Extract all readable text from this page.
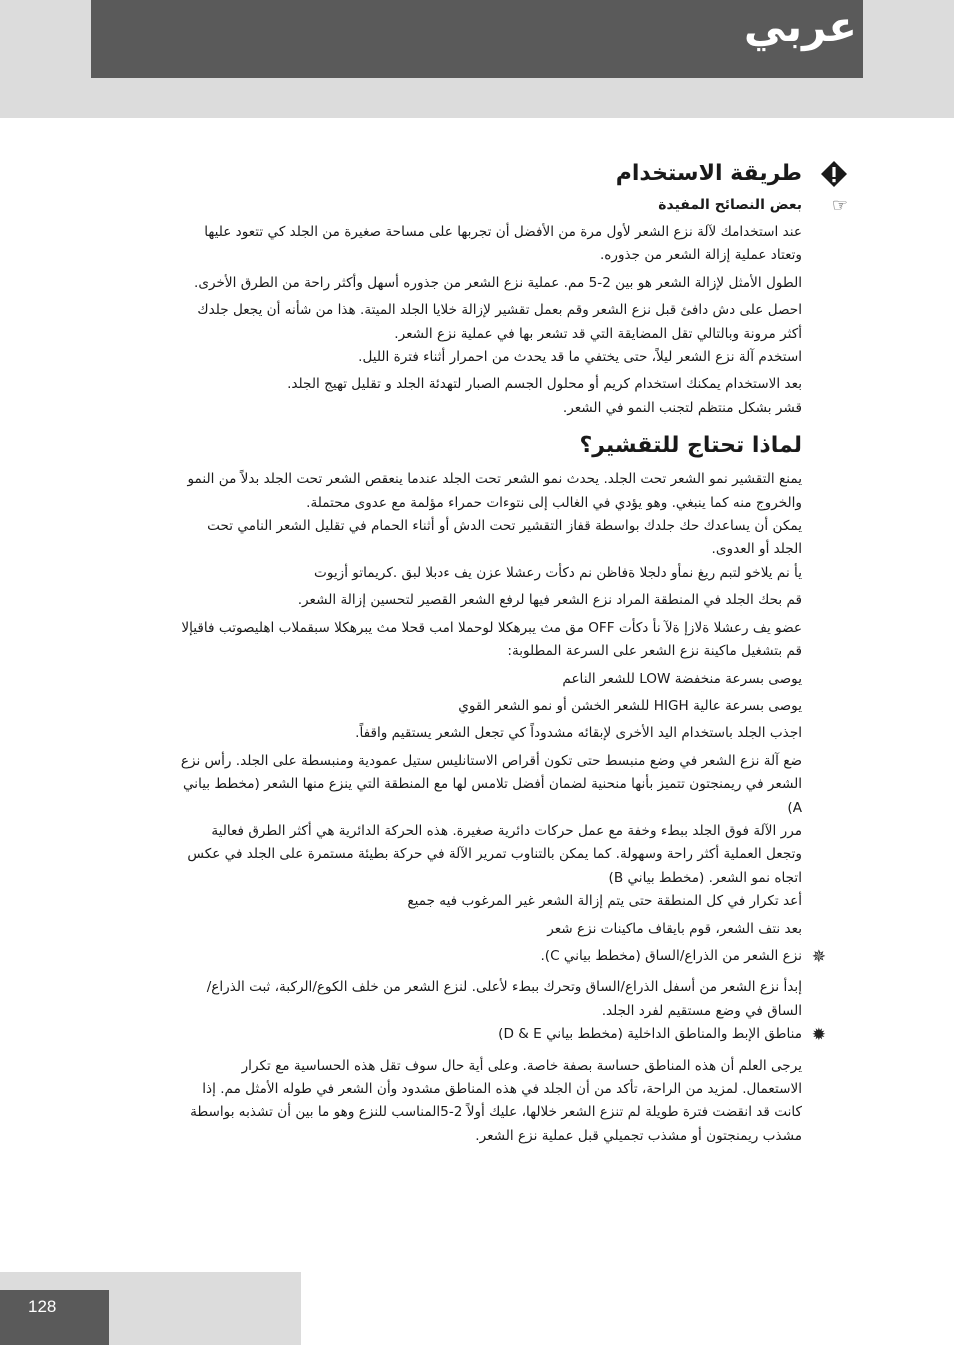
عربي
طريقة الاستخدام
☞
بعض النصائح المفيدة

عند استخدامك لآلة نزع الشعر لأول مرة من الأفضل أن تجربها على مساحة صغيرة من الجلد كي تتعود عليها وتعتاد عملية إزالة الشعر من جذوره.

الطول الأمثل لإزالة الشعر هو بين 2-5 مم. عملية نزع الشعر من جذوره أسهل وأكثر راحة من الطرق الأخرى.

احصل على دش دافئ قبل نزع الشعر وقم بعمل تقشير لإزالة خلايا الجلد الميتة. هذا من شأنه أن يجعل جلدك أكثر مرونة وبالتالي تقل المضايقة التي قد تشعر بها في عملية نزع الشعر.

استخدم آلة نزع الشعر ليلاً، حتى يختفي ما قد يحدث من احمرار أثناء فترة الليل.

بعد الاستخدام يمكنك استخدام كريم أو محلول الجسم الصبار لتهدئة الجلد و تقليل تهيج الجلد.

قشر بشكل منتظم لتجنب النمو في الشعر.

لماذا تحتاج للتقشير؟

يمنع التقشير نمو الشعر تحت الجلد. يحدث نمو الشعر تحت الجلد عندما ينعقص الشعر تحت الجلد بدلاً من النمو والخروج منه كما ينبغي. وهو يؤدي في الغالب إلى نتوءات حمراء مؤلمة مع عدوى محتملة.

يمكن أن يساعدك حك جلدك بواسطة قفاز التقشير تحت الدش أو أثناء الحمام في تقليل الشعر النامي تحت الجلد أو العدوى.

يأ نم يلاخو لتبم ريغ نمأو دلجلا ةفاظن نم دكأت رعشلا عزن يف ءدبلا لبق .كريماتو أزيوت

قم بحك الجلد في المنطقة المراد نزع الشعر فيها لرفع الشعر القصير لتحسين إزالة الشعر.

عضو يف رعشلا ةلازإ ةلآ نأ دكأت OFF مق مث يبرهكلا لوحملا امب قحلا مث يبرهكلا سبقملاب اهليصوتب فاقيإلا

قم بتشغيل ماكينة نزع الشعر على السرعة المطلوبة:

يوصى بسرعة منخفضة LOW للشعر الناعم

يوصى بسرعة عالية HIGH للشعر الخشن أو نمو الشعر القوي

اجذب الجلد باستخدام اليد الأخرى لإبقائه مشدوداً كي تجعل الشعر يستقيم واقفاً.

ضع آلة نزع الشعر في وضع منبسط حتى تكون أقراص الاستانليس ستيل عمودية ومنبسطة على الجلد. رأس نزع الشعر في ريمنجتون تتميز بأنها منحنية لضمان أفضل تلامس لها مع المنطقة التي ينزع منها الشعر (مخطط بياني A)

مرر الآلة فوق الجلد ببطء وخفة مع عمل حركات دائرية صغيرة. هذه الحركة الدائرية هي أكثر الطرق فعالية وتجعل العملية أكثر راحة وسهولة. كما يمكن بالتناوب تمرير الآلة في حركة بطيئة مستمرة على الجلد في عكس اتجاه نمو الشعر. (مخطط بياني B)

أعد تكرار في كل المنطقة حتى يتم إزالة الشعر غير المرغوب فيه جميع

بعد نتف الشعر، قوم بايقاف ماكينات نزع شعر

✵

نزع الشعر من الذراع/الساق (مخطط بياني C).

إبدأ نزع الشعر من أسفل الذراع/الساق وتحرك ببطء لأعلى. لنزع الشعر من خلف الكوع/الركبة، ثبت الذراع/الساق في وضع مستقيم لفرد الجلد.

✹

مناطق الإبط والمناطق الداخلية (مخطط بياني D & E)

يرجى العلم أن هذه المناطق حساسة بصفة خاصة. وعلى أية حال سوف تقل هذه الحساسية مع تكرار الاستعمال. لمزيد من الراحة، تأكد من أن الجلد في هذه المناطق مشدود وأن الشعر في طوله الأمثل مم. إذا كانت قد انقضت فترة طويلة لم تنزع الشعر خلالها، عليك أولاً 2-5المناسب للنزع وهو ما بين أن تشذبه بواسطة مشذب ريمنجتون أو مشذب تجميلي قبل عملية نزع الشعر.

128
